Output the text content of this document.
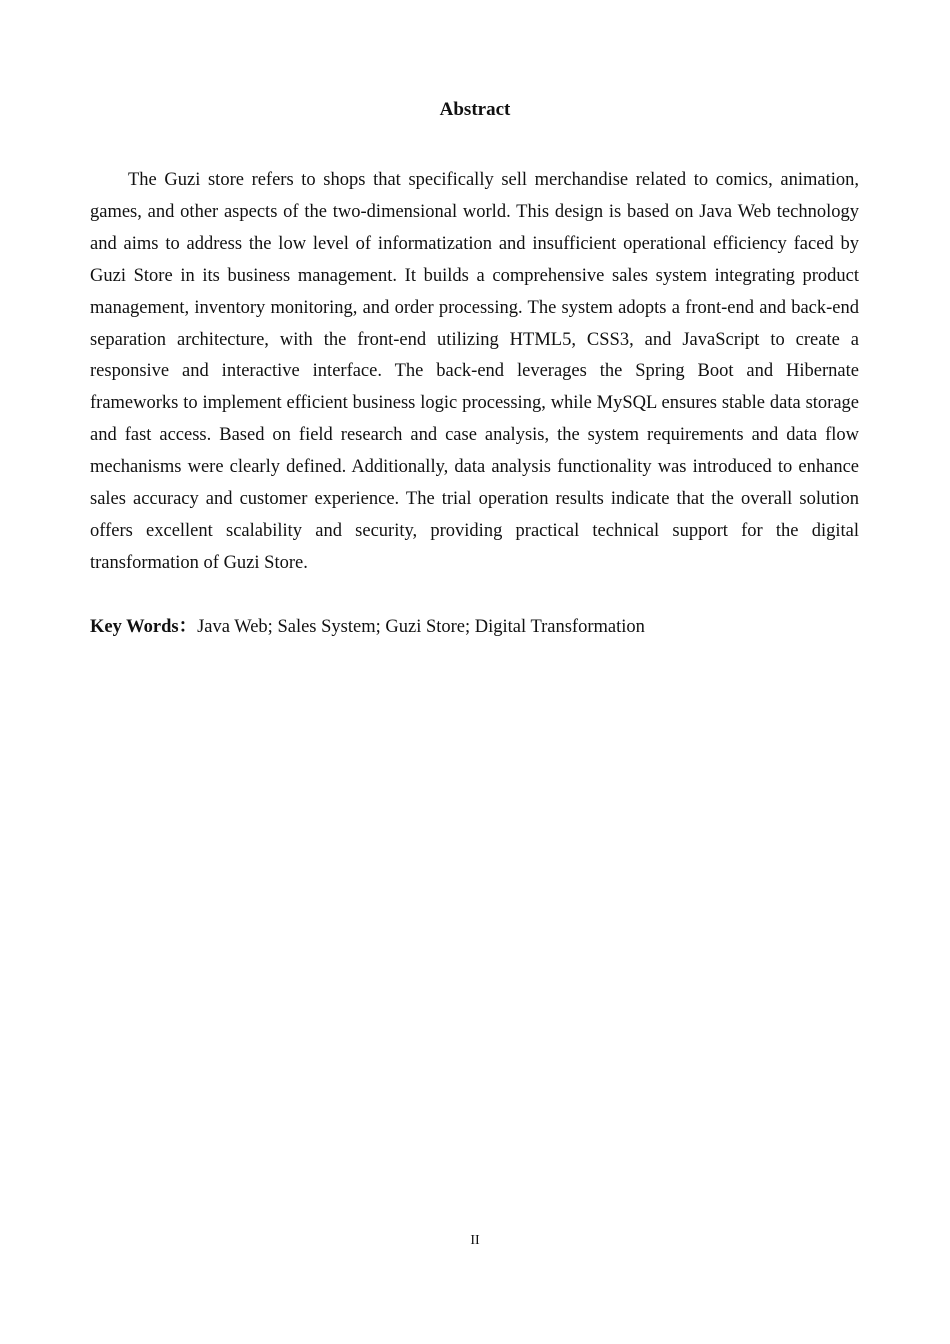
Abstract

The Guzi store refers to shops that specifically sell merchandise related to comics, animation, games, and other aspects of the two-dimensional world. This design is based on Java Web technology and aims to address the low level of informatization and insufficient operational efficiency faced by Guzi Store in its business management. It builds a comprehensive sales system integrating product management, inventory monitoring, and order processing. The system adopts a front-end and back-end separation architecture, with the front-end utilizing HTML5, CSS3, and JavaScript to create a responsive and interactive interface. The back-end leverages the Spring Boot and Hibernate frameworks to implement efficient business logic processing, while MySQL ensures stable data storage and fast access. Based on field research and case analysis, the system requirements and data flow mechanisms were clearly defined. Additionally, data analysis functionality was introduced to enhance sales accuracy and customer experience. The trial operation results indicate that the overall solution offers excellent scalability and security, providing practical technical support for the digital transformation of Guzi Store.

Key Words：Java Web; Sales System; Guzi Store; Digital Transformation
II
